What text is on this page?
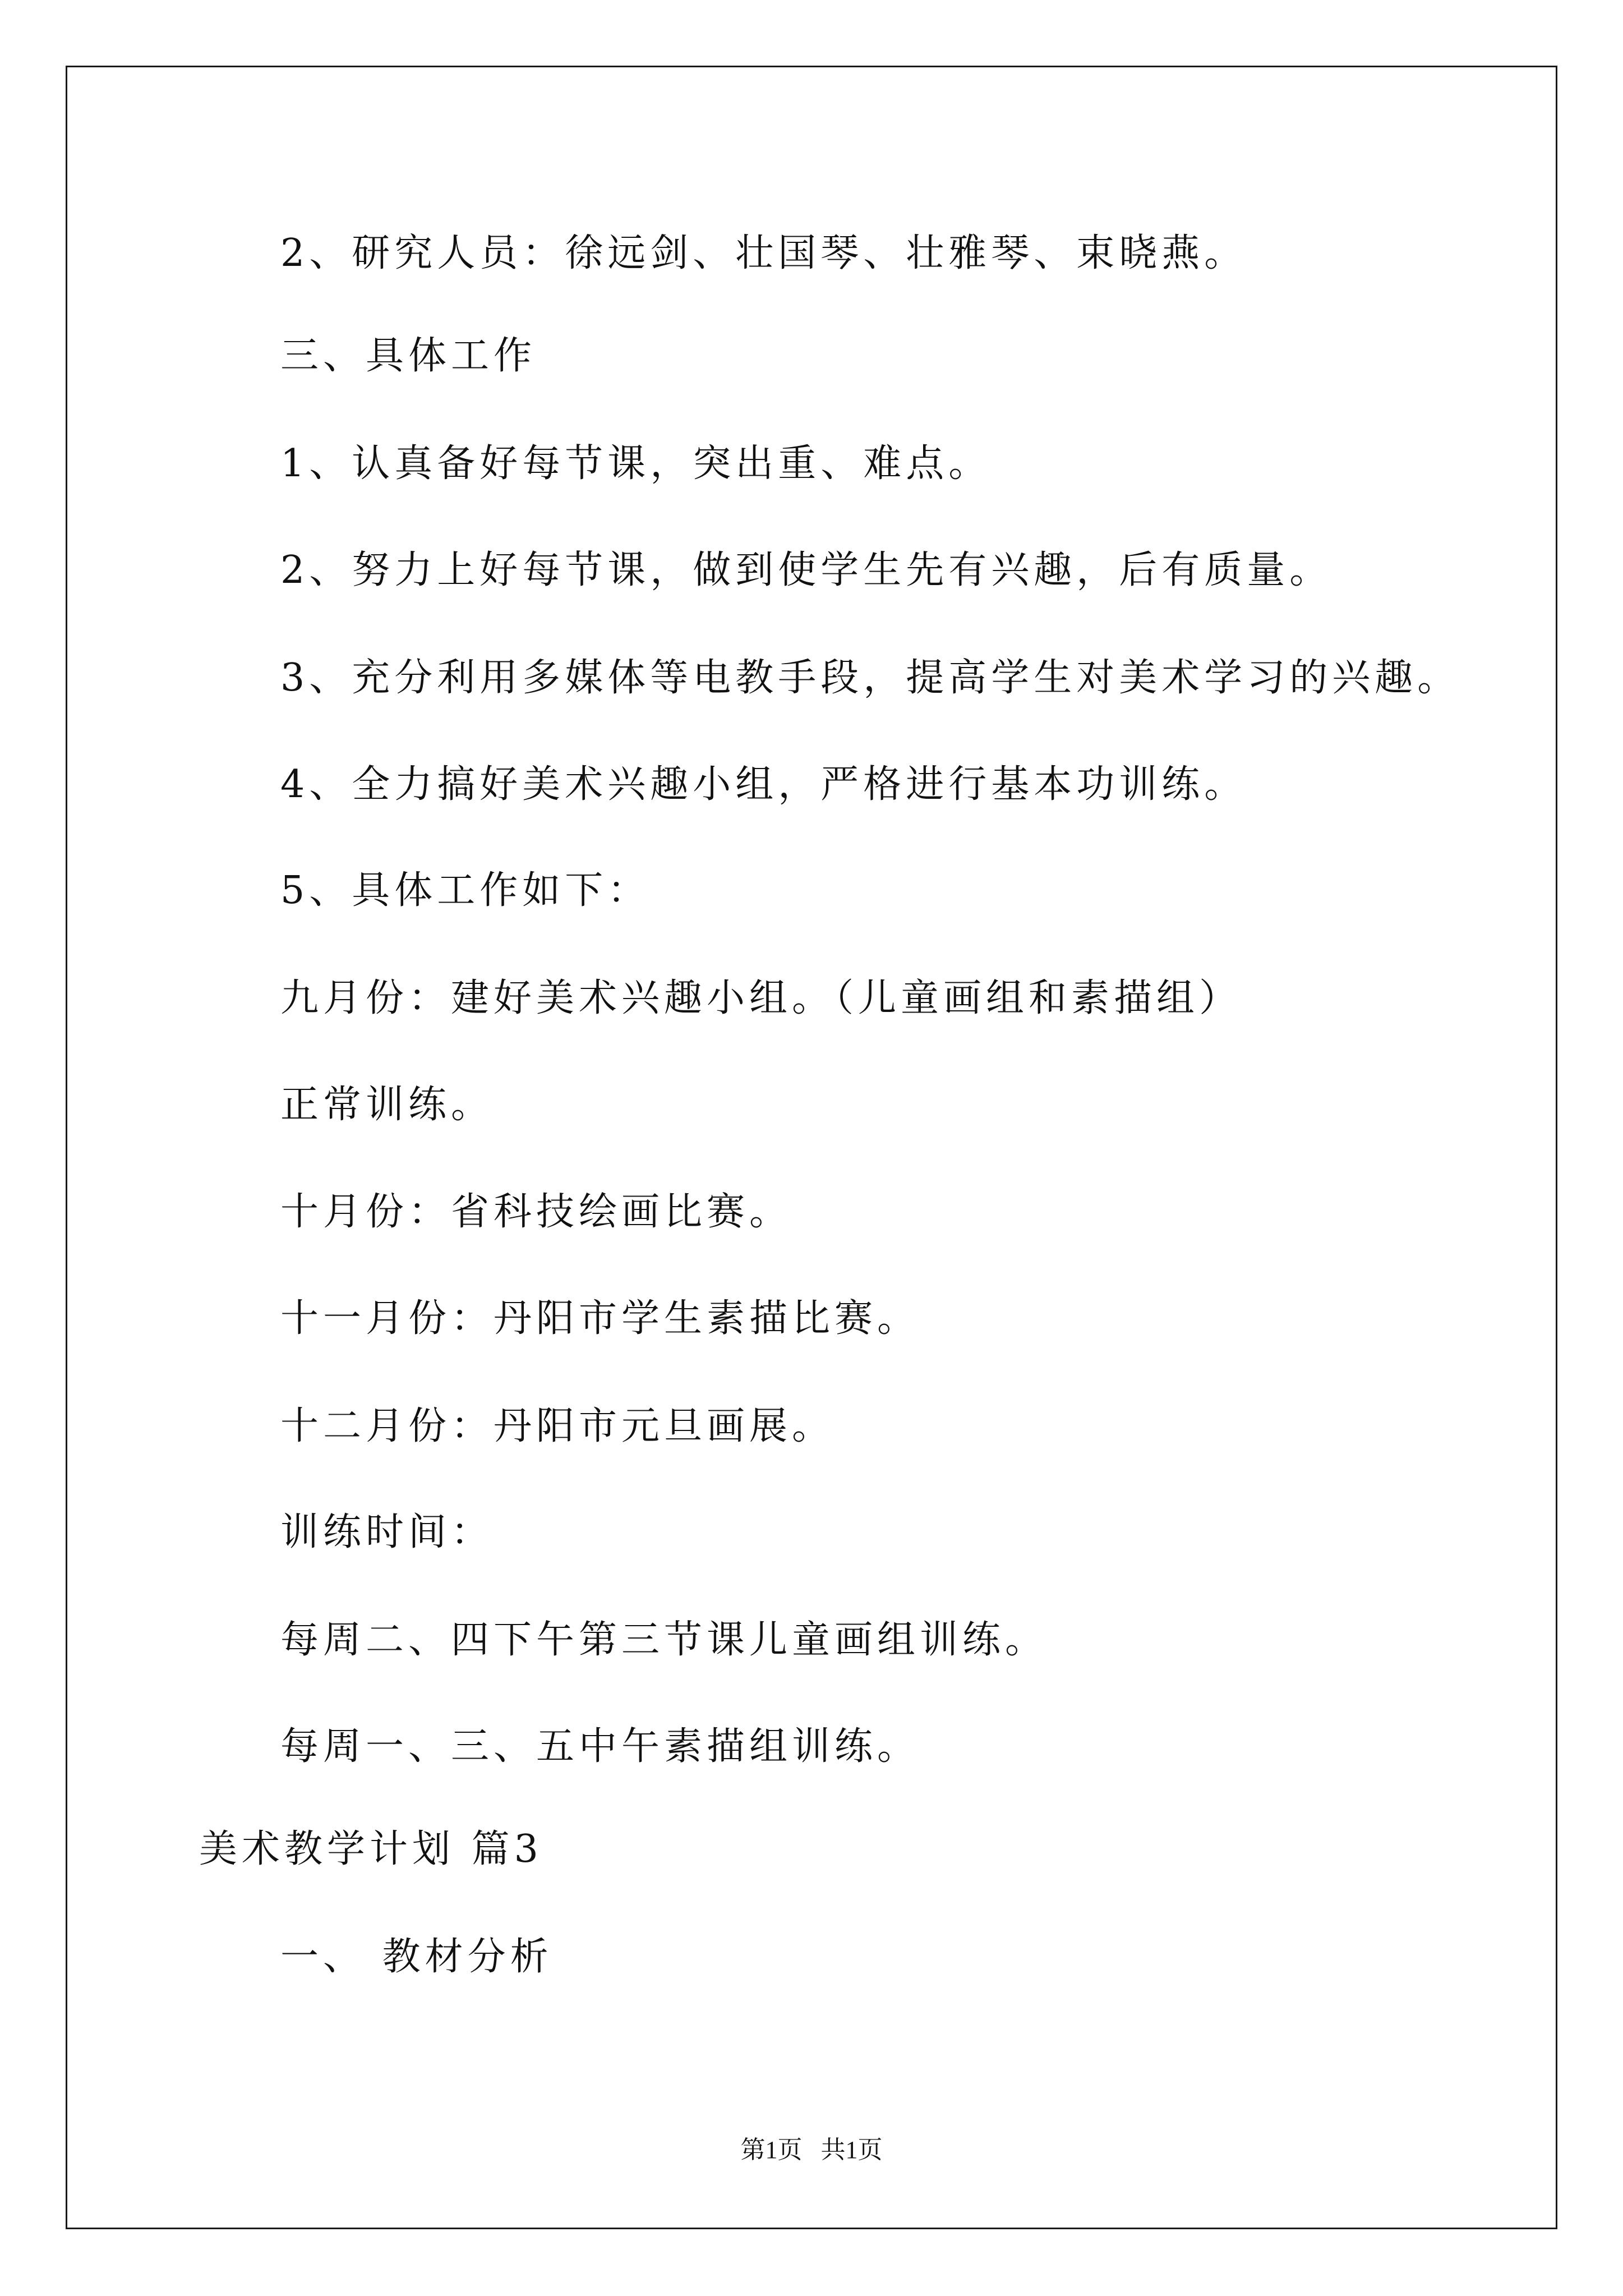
2、研究人员：徐远剑、壮国琴、壮雅琴、束晓燕。
三、具体工作
1、认真备好每节课，突出重、难点。
2、努力上好每节课，做到使学生先有兴趣，后有质量。
3、充分利用多媒体等电教手段，提高学生对美术学习的兴趣。
4、全力搞好美术兴趣小组，严格进行基本功训练。
5、具体工作如下：
九月份：建好美术兴趣小组。（儿童画组和素描组）
正常训练。
十月份：省科技绘画比赛。
十一月份：丹阳市学生素描比赛。
十二月份：丹阳市元旦画展。
训练时间：
每周二、四下午第三节课儿童画组训练。
每周一、三、五中午素描组训练。
美术教学计划 篇3
一、 教材分析
第1页   共1页
